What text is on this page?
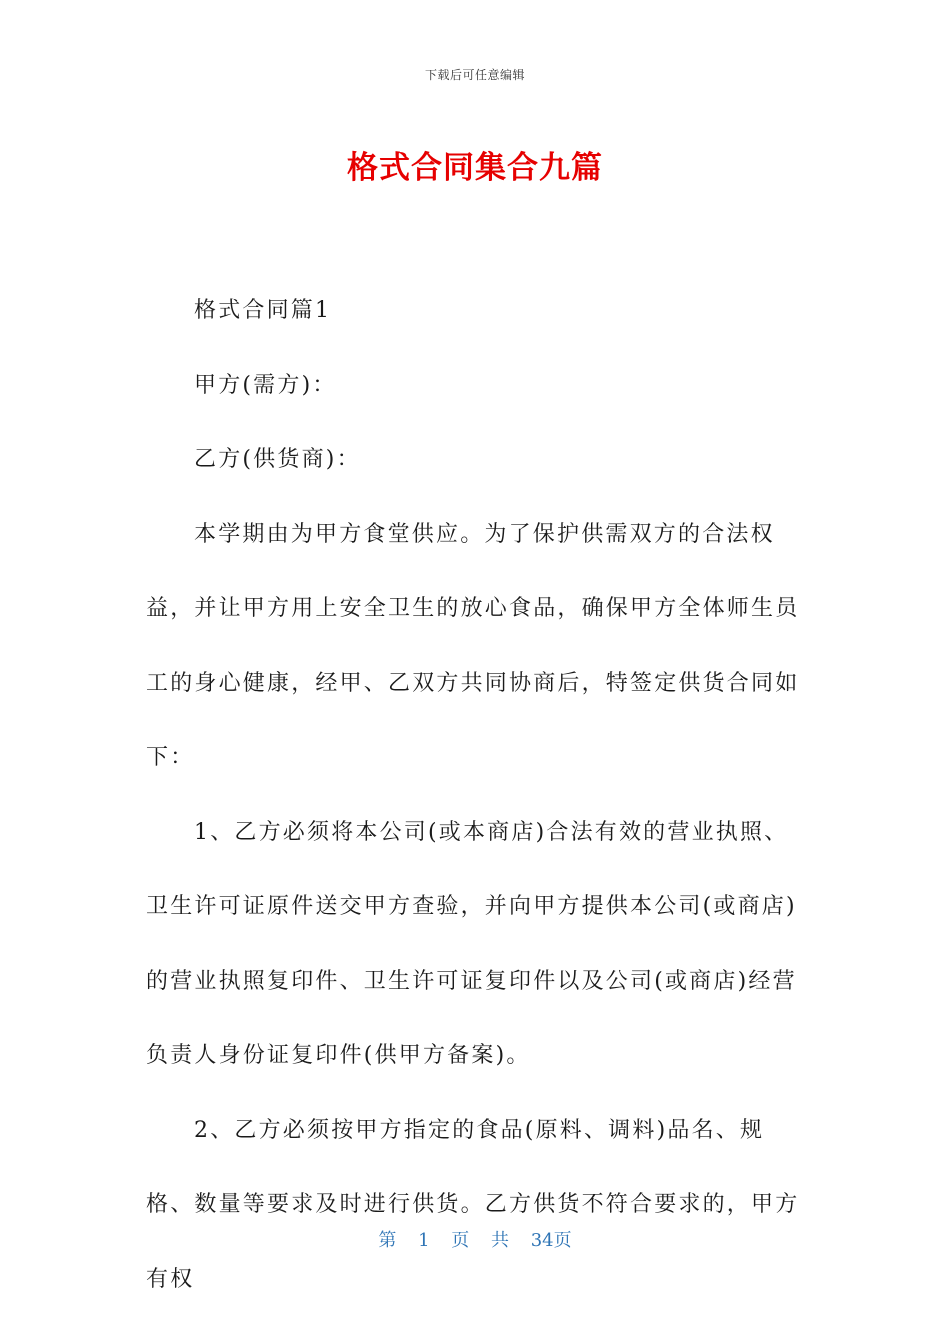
下载后可任意编辑
格式合同集合九篇

格式合同篇1

甲方(需方)：

乙方(供货商)：

本学期由为甲方食堂供应。为了保护供需双方的合法权益，并让甲方用上安全卫生的放心食品，确保甲方全体师生员工的身心健康，经甲、乙双方共同协商后，特签定供货合同如下：

1、乙方必须将本公司(或本商店)合法有效的营业执照、卫生许可证原件送交甲方查验，并向甲方提供本公司(或商店)的营业执照复印件、卫生许可证复印件以及公司(或商店)经营负责人身份证复印件(供甲方备案)。

2、乙方必须按甲方指定的食品(原料、调料)品名、规格、数量等要求及时进行供货。乙方供货不符合要求的，甲方有权

第 1 页 共 34页
